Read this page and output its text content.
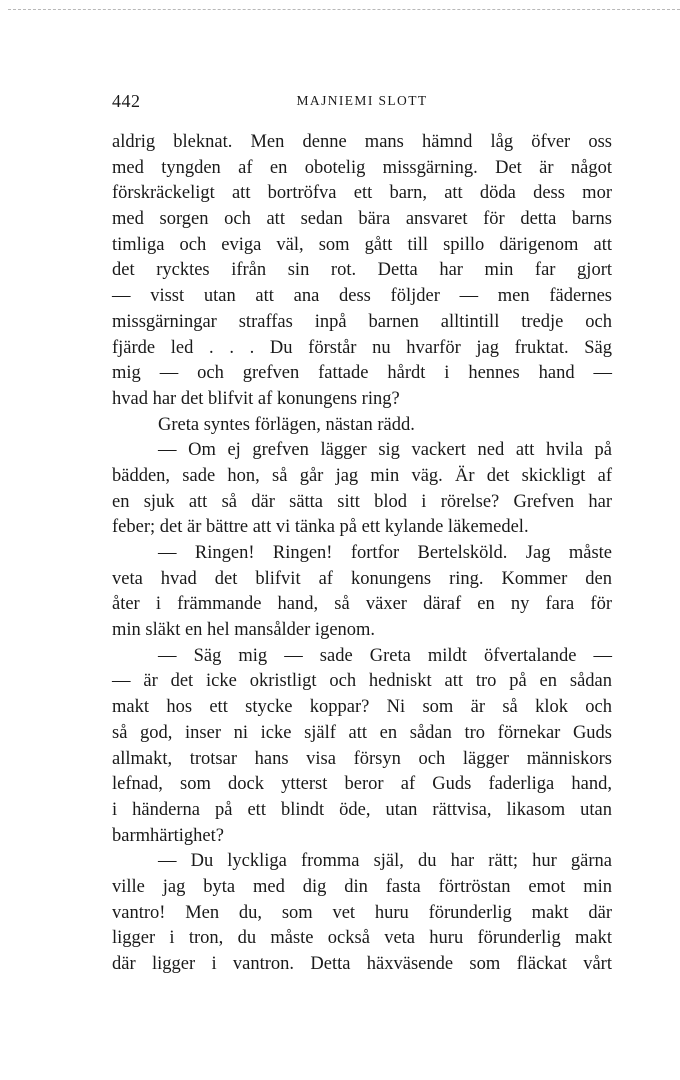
442	MAJNIEMI SLOTT
aldrig bleknat. Men denne mans hämnd låg öfver oss
med tyngden af en obotelig missgärning. Det är något
förskräckeligt att bortröfva ett barn, att döda dess mor
med sorgen och att sedan bära ansvaret för detta barns
timliga och eviga väl, som gått till spillo därigenom att
det rycktes ifrån sin rot. Detta har min far gjort
— visst utan att ana dess följder — men fädernes
missgärningar straffas inpå barnen alltintill tredje och
fjärde led . . . Du förstår nu hvarför jag fruktat. Säg
mig — och grefven fattade hårdt i hennes hand —
hvad har det blifvit af konungens ring?
Greta syntes förlägen, nästan rädd.
— Om ej grefven lägger sig vackert ned att hvila på
bädden, sade hon, så går jag min väg. Är det skickligt af
en sjuk att så där sätta sitt blod i rörelse? Grefven har
feber; det är bättre att vi tänka på ett kylande läkemedel.
— Ringen! Ringen! fortfor Bertelsköld. Jag måste
veta hvad det blifvit af konungens ring. Kommer den
åter i främmande hand, så växer däraf en ny fara för
min släkt en hel mansålder igenom.
— Säg mig — sade Greta mildt öfvertalande —
— är det icke okristligt och hedniskt att tro på en sådan
makt hos ett stycke koppar? Ni som är så klok och
så god, inser ni icke själf att en sådan tro förnekar Guds
allmakt, trotsar hans visa försyn och lägger människors
lefnad, som dock ytterst beror af Guds faderliga hand,
i händerna på ett blindt öde, utan rättvisa, likasom utan
barmhärtighet?
— Du lyckliga fromma själ, du har rätt; hur gärna
ville jag byta med dig din fasta förtröstan emot min
vantro! Men du, som vet huru förunderlig makt där
ligger i tron, du måste också veta huru förunderlig makt
där ligger i vantron. Detta häxväsende som fläckat vårt
